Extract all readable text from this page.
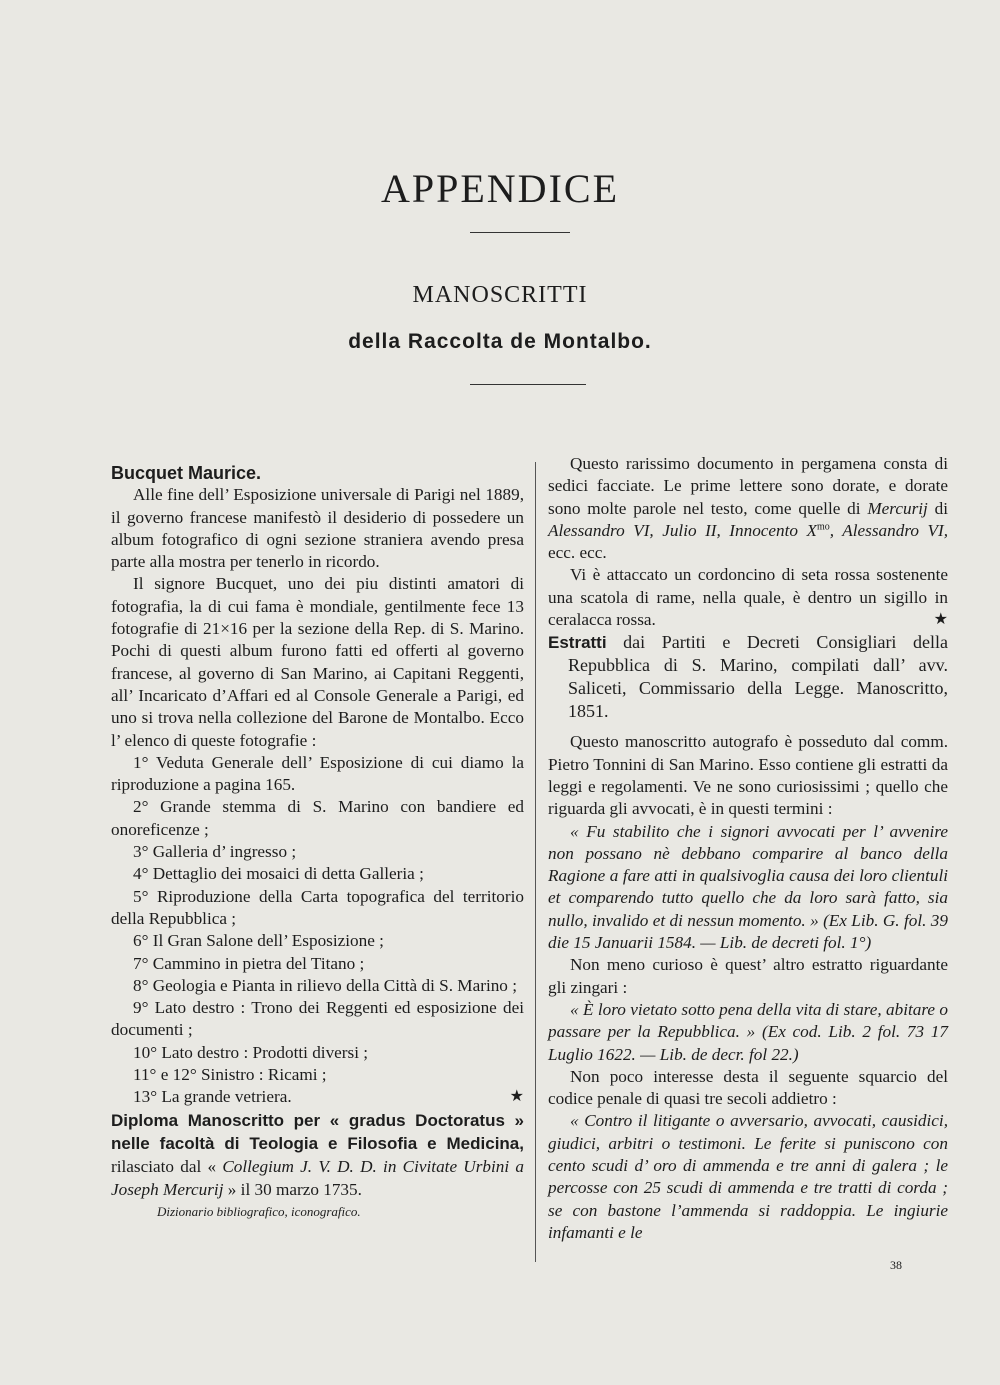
APPENDICE
MANOSCRITTI
della Raccolta de Montalbo.

Bucquet Maurice.

Alle fine dell’ Esposizione universale di Parigi nel 1889, il governo francese manifestò il desiderio di possedere un album fotografico di ogni sezione straniera avendo presa parte alla mostra per tenerlo in ricordo.

Il signore Bucquet, uno dei piu distinti amatori di fotografia, la di cui fama è mondiale, gentilmente fece 13 fotografie di 21×16 per la sezione della Rep. di S. Marino. Pochi di questi album furono fatti ed offerti al governo francese, al governo di San Marino, ai Capitani Reggenti, all’ Incaricato d’Affari ed al Console Generale a Parigi, ed uno si trova nella collezione del Barone de Montalbo. Ecco l’ elenco di queste fotografie :

1° Veduta Generale dell’ Esposizione di cui diamo la riproduzione a pagina 165.

2° Grande stemma di S. Marino con bandiere ed onoreficenze ;

3° Galleria d’ ingresso ;

4° Dettaglio dei mosaici di detta Galleria ;

5° Riproduzione della Carta topografica del territorio della Repubblica ;

6° Il Gran Salone dell’ Esposizione ;

7° Cammino in pietra del Titano ;

8° Geologia e Pianta in rilievo della Città di S. Marino ;

9° Lato destro : Trono dei Reggenti ed esposizione dei documenti ;

10° Lato destro : Prodotti diversi ;

11° e 12° Sinistro : Ricami ;

13° La grande vetriera.	★

Diploma Manoscritto per « gradus Doctoratus » nelle facoltà di Teologia e Filosofia e Medicina, rilasciato dal « Collegium J. V. D. D. in Civitate Urbini a Joseph Mercurij » il 30 marzo 1735.

Dizionario bibliografico, iconografico.

Questo rarissimo documento in pergamena consta di sedici facciate. Le prime lettere sono dorate, e dorate sono molte parole nel testo, come quelle di Mercurij di Alessandro VI, Julio II, Innocento $X^{mo}$, Alessandro VI, ecc. ecc.

Vi è attaccato un cordoncino di seta rossa sostenente una scatola di rame, nella quale, è dentro un sigillo in ceralacca rossa.	★

Estratti dai Partiti e Decreti Consigliari della Repubblica di S. Marino, compilati dall’ avv. Saliceti, Commissario della Legge. Manoscritto, 1851.

Questo manoscritto autografo è posseduto dal comm. Pietro Tonnini di San Marino. Esso contiene gli estratti da leggi e regolamenti. Ve ne sono curiosissimi ; quello che riguarda gli avvocati, è in questi termini :

« Fu stabilito che i signori avvocati per l’ avvenire non possano nè debbano comparire al banco della Ragione a fare atti in qualsivoglia causa dei loro clientuli et comparendo tutto quello che da loro sarà fatto, sia nullo, invalido et di nessun momento. » (Ex Lib. G. fol. 39 die 15 Januarii 1584. — Lib. de decreti fol. 1°)

Non meno curioso è quest’ altro estratto riguardante gli zingari :

« È loro vietato sotto pena della vita di stare, abitare o passare per la Repubblica. » (Ex cod. Lib. 2 fol. 73 17 Luglio 1622. — Lib. de decr. fol 22.)

Non poco interesse desta il seguente squarcio del codice penale di quasi tre secoli addietro :

« Contro il litigante o avversario, avvocati, causidici, giudici, arbitri o testimoni. Le ferite si puniscono con cento scudi d’ oro di ammenda e tre anni di galera ; le percosse con 25 scudi di ammenda e tre tratti di corda ; se con bastone l’ammenda si raddoppia. Le ingiurie infamanti e le

38
